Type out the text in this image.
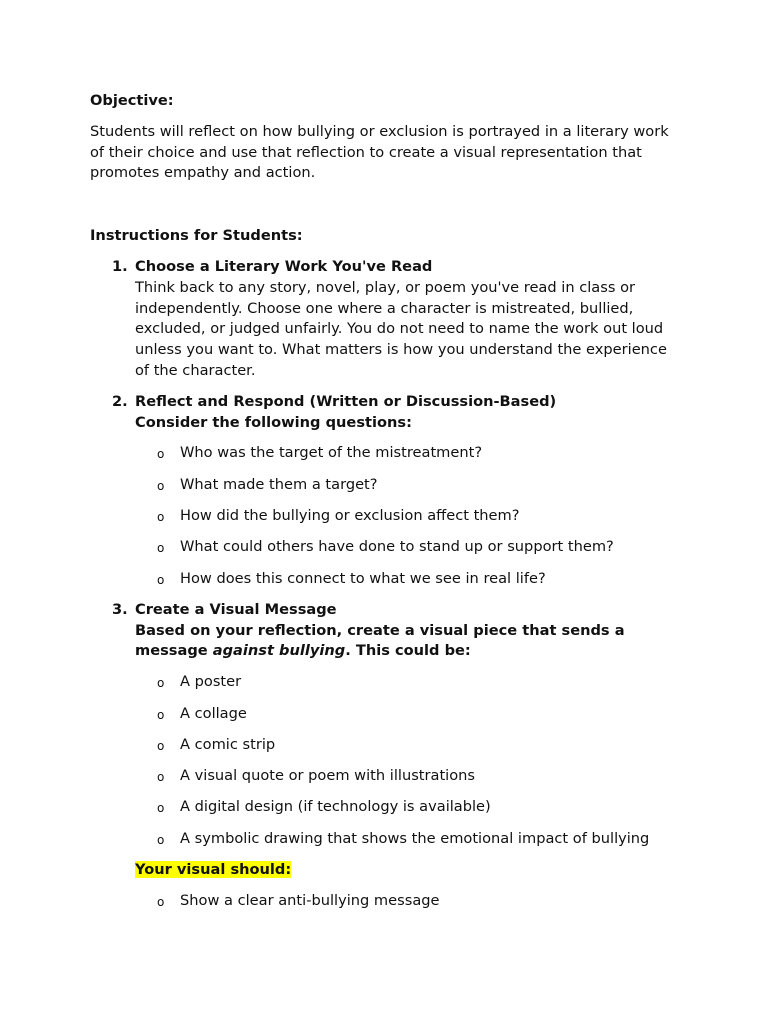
Objective:

Students will reflect on how bullying or exclusion is portrayed in a literary work of their choice and use that reflection to create a visual representation that promotes empathy and action.

Instructions for Students:

1. Choose a Literary Work You've Read
Think back to any story, novel, play, or poem you've read in class or independently. Choose one where a character is mistreated, bullied, excluded, or judged unfairly. You do not need to name the work out loud unless you want to. What matters is how you understand the experience of the character.
2. Reflect and Respond (Written or Discussion-Based)
Consider the following questions:
o Who was the target of the mistreatment?
o What made them a target?
o How did the bullying or exclusion affect them?
o What could others have done to stand up or support them?
o How does this connect to what we see in real life?
3. Create a Visual Message
Based on your reflection, create a visual piece that sends a message against bullying. This could be:
o A poster
o A collage
o A comic strip
o A visual quote or poem with illustrations
o A digital design (if technology is available)
o A symbolic drawing that shows the emotional impact of bullying
Your visual should:
o Show a clear anti-bullying message
